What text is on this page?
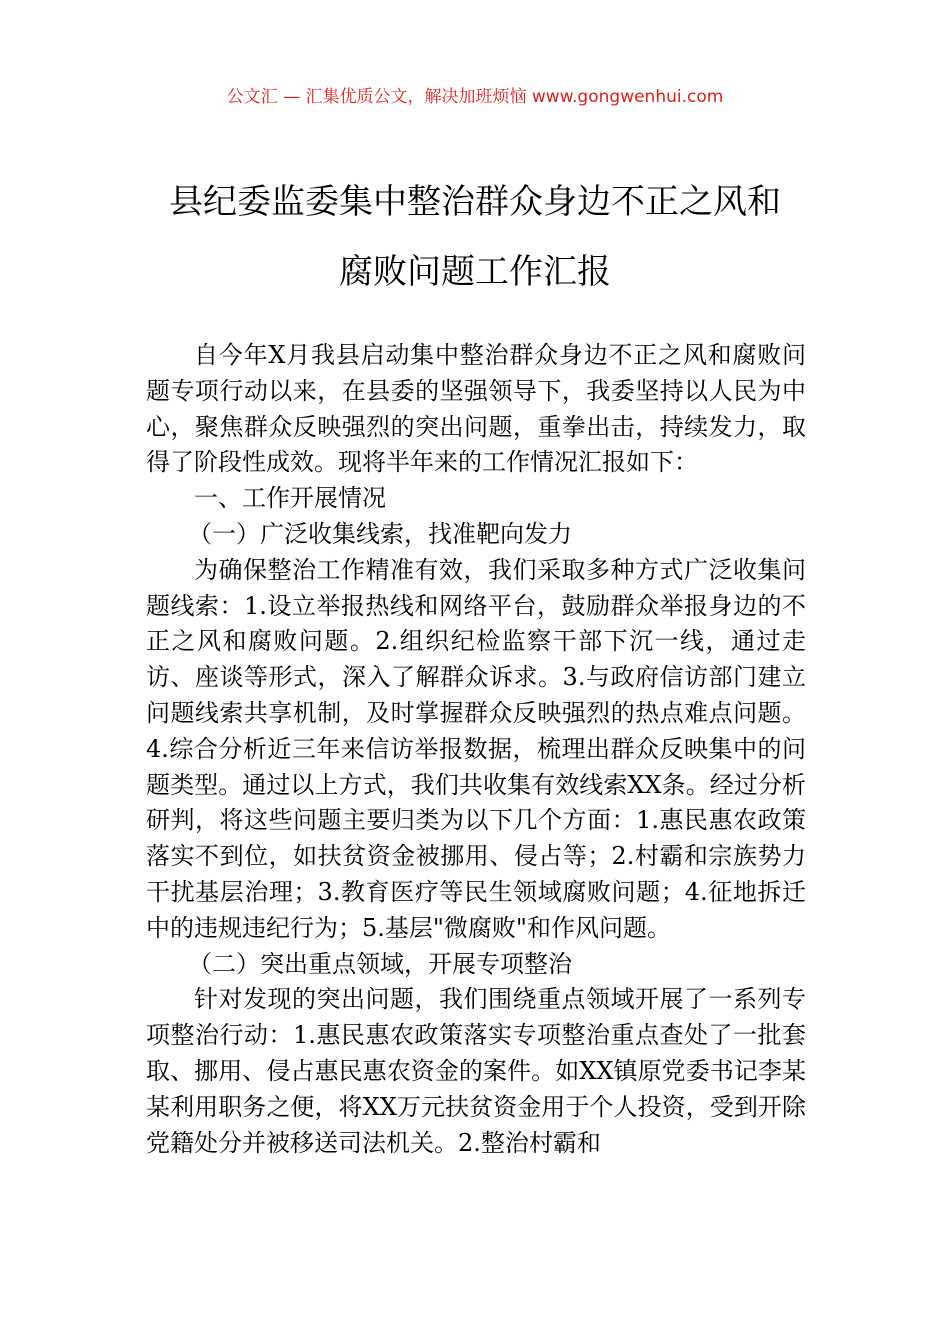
公文汇 — 汇集优质公文，解决加班烦恼 www.gongwenhui.com
县纪委监委集中整治群众身边不正之风和
腐败问题工作汇报

自今年X月我县启动集中整治群众身边不正之风和腐败问题专项行动以来，在县委的坚强领导下，我委坚持以人民为中心，聚焦群众反映强烈的突出问题，重拳出击，持续发力，取得了阶段性成效。现将半年来的工作情况汇报如下：

一、工作开展情况

（一）广泛收集线索，找准靶向发力

为确保整治工作精准有效，我们采取多种方式广泛收集问题线索：1.设立举报热线和网络平台，鼓励群众举报身边的不正之风和腐败问题。2.组织纪检监察干部下沉一线，通过走访、座谈等形式，深入了解群众诉求。3.与政府信访部门建立问题线索共享机制，及时掌握群众反映强烈的热点难点问题。4.综合分析近三年来信访举报数据，梳理出群众反映集中的问题类型。通过以上方式，我们共收集有效线索XX条。经过分析研判，将这些问题主要归类为以下几个方面：1.惠民惠农政策落实不到位，如扶贫资金被挪用、侵占等；2.村霸和宗族势力干扰基层治理；3.教育医疗等民生领域腐败问题；4.征地拆迁中的违规违纪行为；5.基层"微腐败"和作风问题。

（二）突出重点领域，开展专项整治

针对发现的突出问题，我们围绕重点领域开展了一系列专项整治行动：1.惠民惠农政策落实专项整治重点查处了一批套取、挪用、侵占惠民惠农资金的案件。如XX镇原党委书记李某某利用职务之便，将XX万元扶贫资金用于个人投资，受到开除党籍处分并被移送司法机关。2.整治村霸和
